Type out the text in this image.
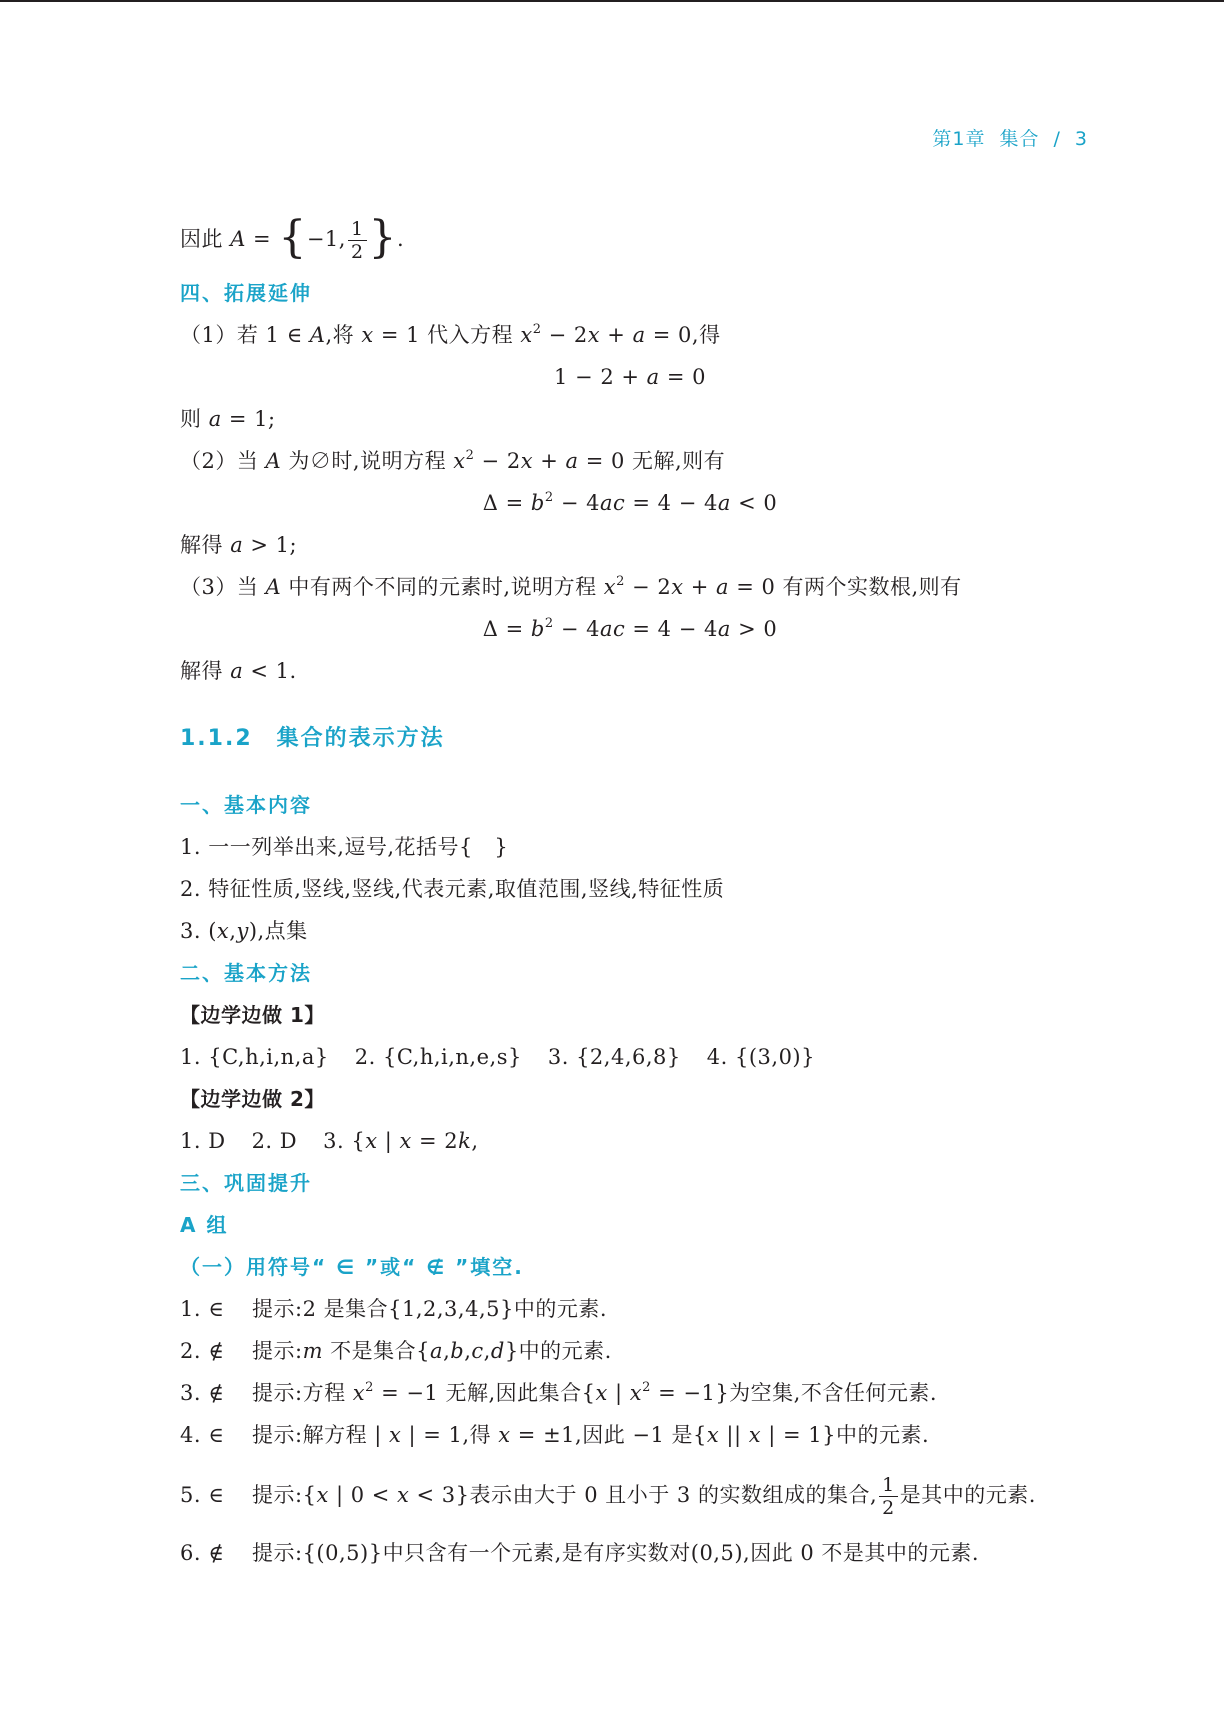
第1章 集合 / 3
因此 A = {−1, $\frac{1}{2}$ }.
四、拓展延伸
（1）若 1 ∈ A,将 x = 1 代入方程 $x^2 - 2x + a = 0$,得
1 − 2 + a = 0
则 a = 1;
（2）当 A 为∅时,说明方程 $x^2 - 2x + a = 0$ 无解,则有
$\Delta = b^2 - 4ac = 4 - 4a < 0$
解得 a > 1;
（3）当 A 中有两个不同的元素时,说明方程 $x^2 - 2x + a = 0$ 有两个实数根,则有
$\Delta = b^2 - 4ac = 4 - 4a > 0$
解得 a < 1.
1.1.2 集合的表示方法
一、基本内容
1. 一一列举出来,逗号,花括号{　}
2. 特征性质,竖线,竖线,代表元素,取值范围,竖线,特征性质
3. (x,y),点集
二、基本方法
【边学边做 1】
1. {C,h,i,n,a} 2. {C,h,i,n,e,s} 3. {2,4,6,8} 4. {(3,0)}
【边学边做 2】
1. D 2. D 3. {x | x = 2k,
三、巩固提升
A 组
（一）用符号“ ∈ ”或“ ∉ ”填空.
1. ∈ 提示:2 是集合{1,2,3,4,5}中的元素.
2. ∉ 提示:m 不是集合{a,b,c,d}中的元素.
3. ∉ 提示:方程 $x^2 = -1$ 无解,因此集合{x | $x^2 = -1$}为空集,不含任何元素.
4. ∈ 提示:解方程 | x | = 1,得 x = ±1,因此 −1 是{x || x | = 1}中的元素.
5. ∈ 提示:{x | 0 < x < 3}表示由大于 0 且小于 3 的实数组成的集合, $\frac{1}{2}$ 是其中的元素.
6. ∉ 提示:{(0,5)}中只含有一个元素,是有序实数对(0,5),因此 0 不是其中的元素.
